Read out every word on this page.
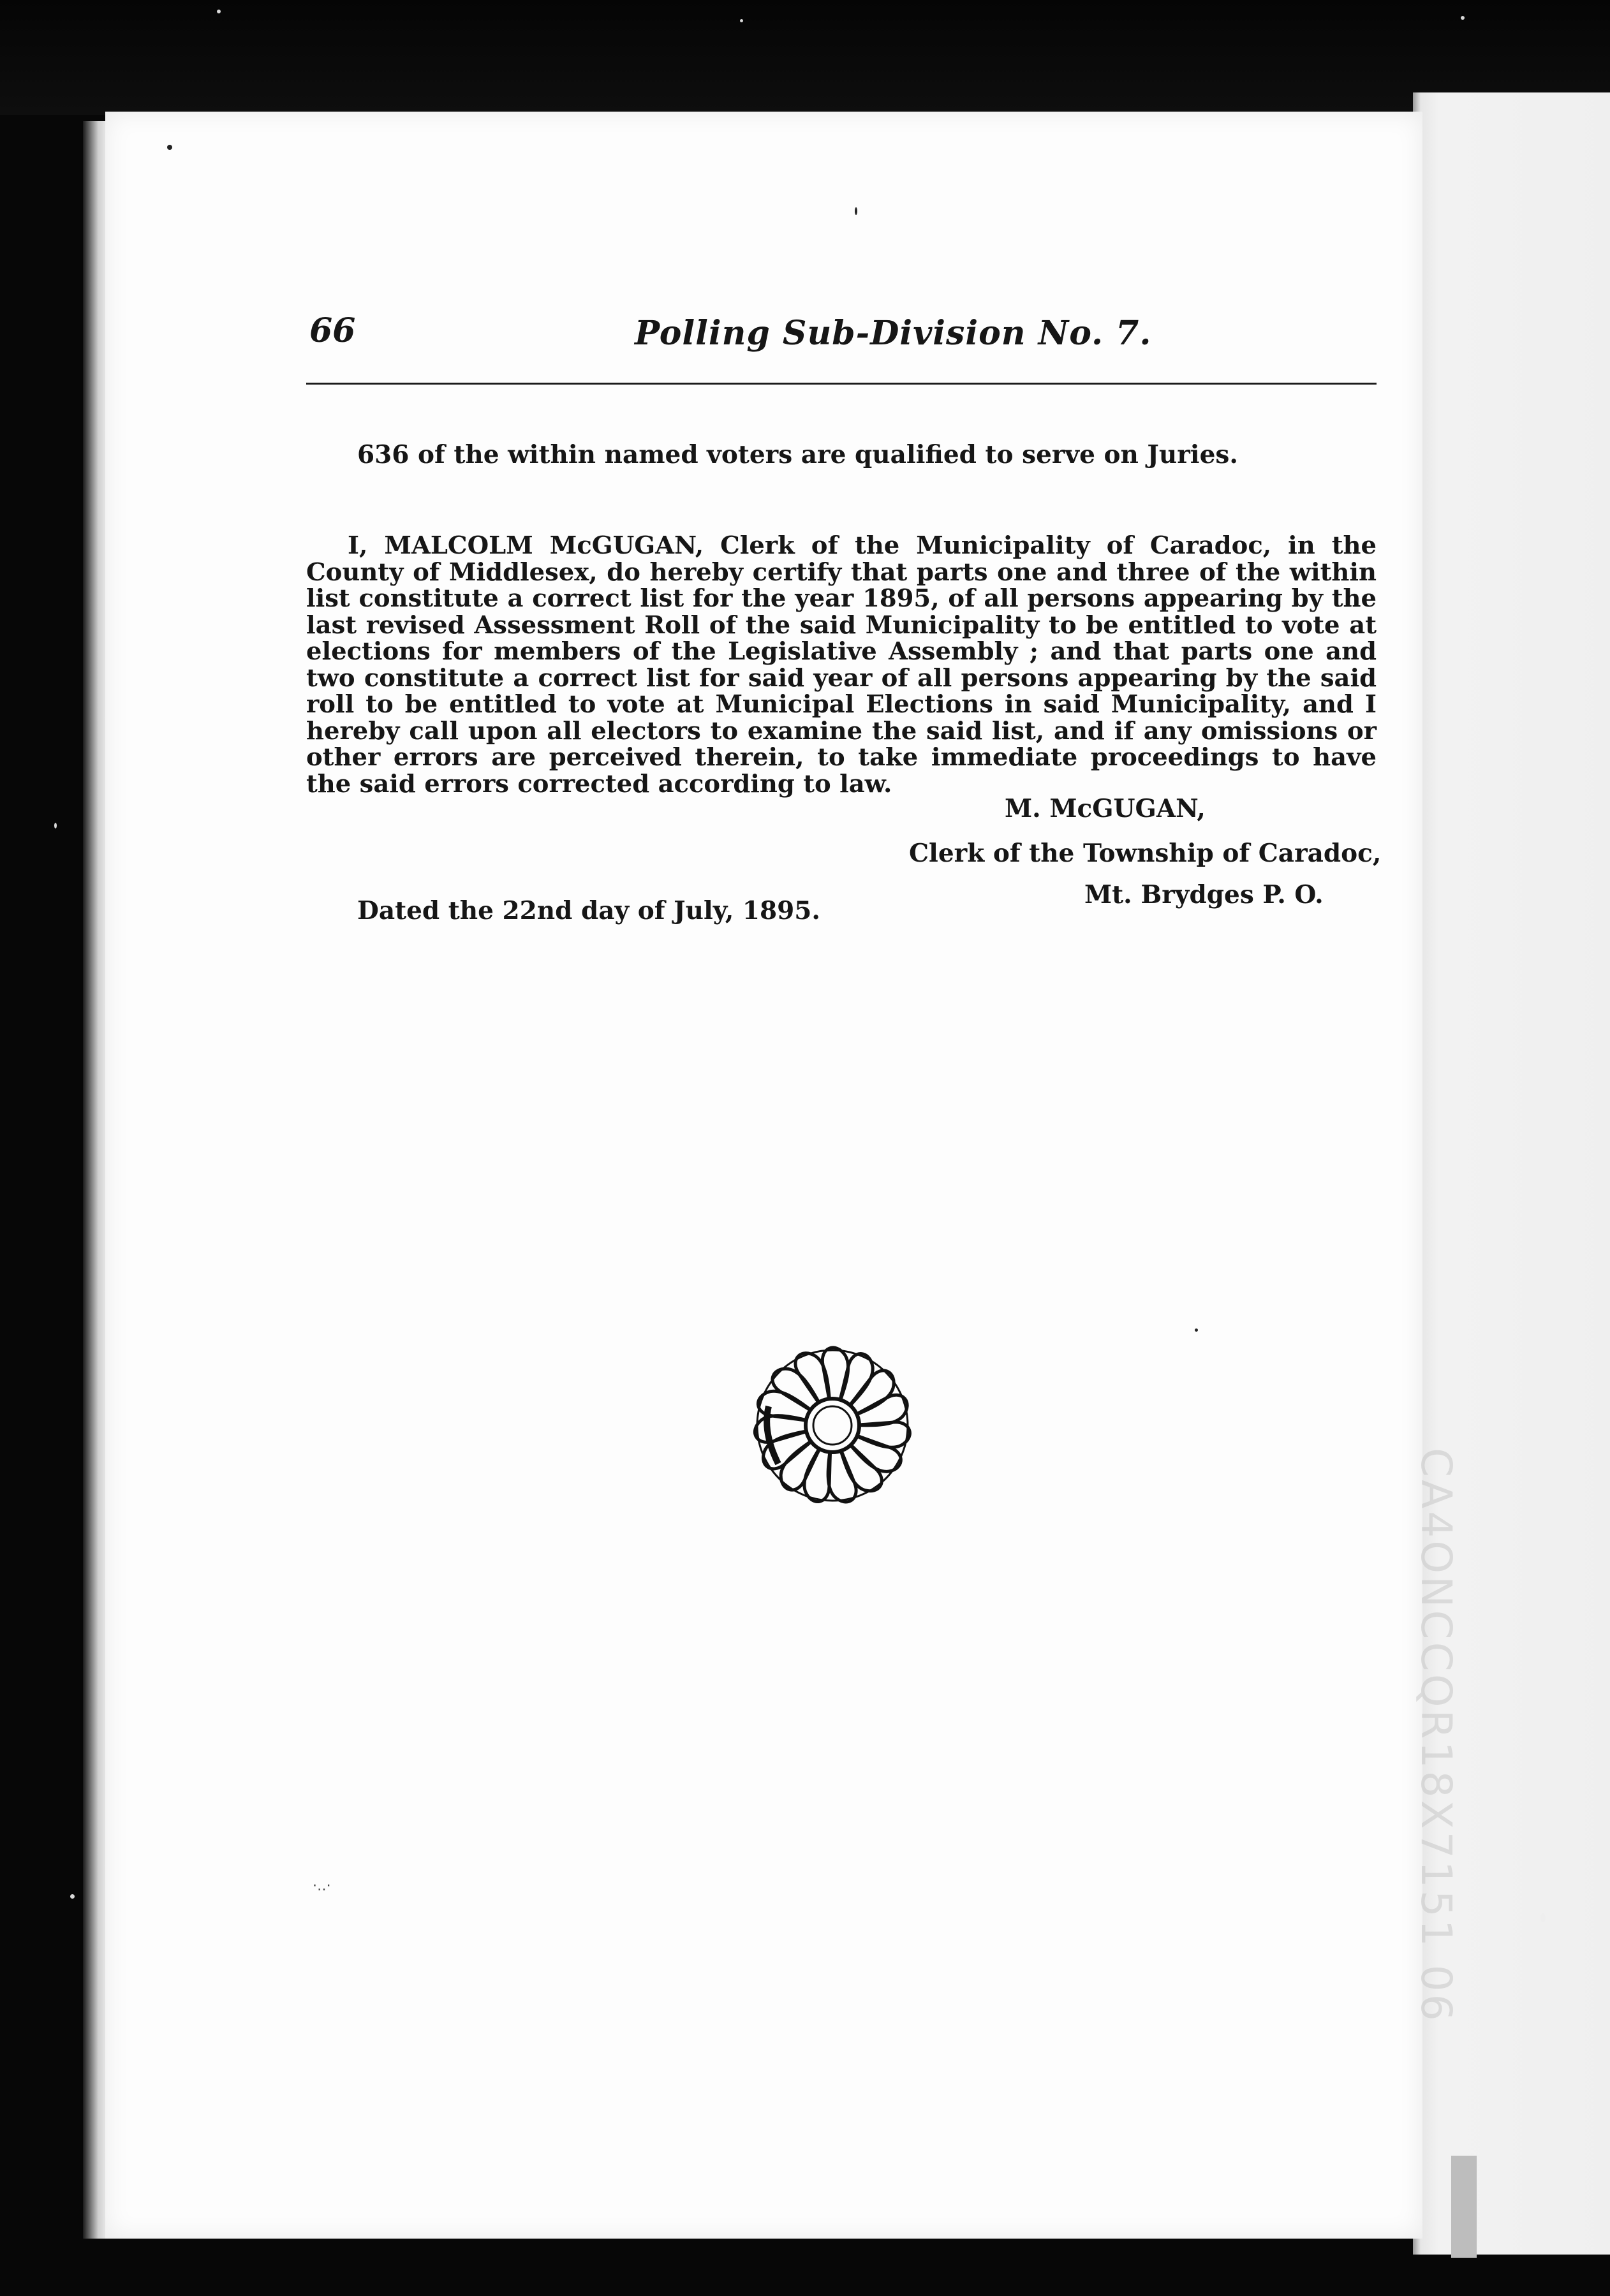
66	Polling Sub-Division No. 7.
636 of the within named voters are qualified to serve on Juries.

I, MALCOLM McGUGAN, Clerk of the Municipality of Caradoc, in the County of Middlesex, do hereby certify that parts one and three of the within list constitute a correct list for the year 1895, of all persons appearing by the last revised Assessment Roll of the said Municipality to be entitled to vote at elections for members of the Legislative Assembly ; and that parts one and two constitute a correct list for said year of all persons appearing by the said roll to be entitled to vote at Municipal Elections in said Municipality, and I hereby call upon all electors to examine the said list, and if any omissions or other errors are perceived therein, to take immediate proceedings to have the said errors corrected according to law.

M. McGUGAN,
Clerk of the Township of Caradoc,
Mt. Brydges P. O.
Dated the 22nd day of July, 1895.
CA4ONCCQR18X7151 06
·‥·
